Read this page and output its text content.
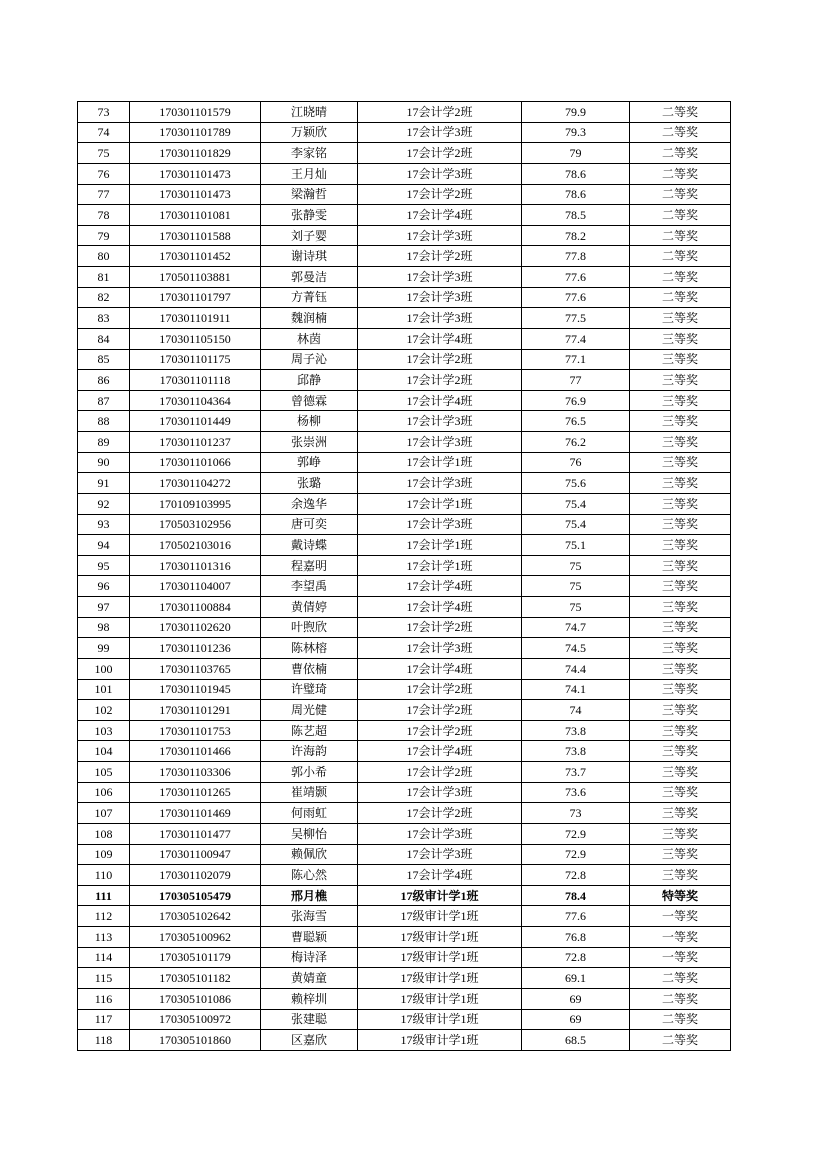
73	170301101579	江晓晴	17会计学2班	79.9	二等奖
74	170301101789	万颖欣	17会计学3班	79.3	二等奖
75	170301101829	李家铭	17会计学2班	79	二等奖
76	170301101473	王月灿	17会计学3班	78.6	二等奖
77	170301101473	梁瀚哲	17会计学2班	78.6	二等奖
78	170301101081	张静雯	17会计学4班	78.5	二等奖
79	170301101588	刘子婴	17会计学3班	78.2	二等奖
80	170301101452	谢诗琪	17会计学2班	77.8	二等奖
81	170501103881	郭曼洁	17会计学3班	77.6	二等奖
82	170301101797	方菁钰	17会计学3班	77.6	二等奖
83	170301101911	魏润楠	17会计学3班	77.5	三等奖
84	170301105150	林茵	17会计学4班	77.4	三等奖
85	170301101175	周子沁	17会计学2班	77.1	三等奖
86	170301101118	邱静	17会计学2班	77	三等奖
87	170301104364	曾德霖	17会计学4班	76.9	三等奖
88	170301101449	杨柳	17会计学3班	76.5	三等奖
89	170301101237	张崇洲	17会计学3班	76.2	三等奖
90	170301101066	郭峥	17会计学1班	76	三等奖
91	170301104272	张璐	17会计学3班	75.6	三等奖
92	170109103995	余逸华	17会计学1班	75.4	三等奖
93	170503102956	唐可奕	17会计学3班	75.4	三等奖
94	170502103016	戴诗蝶	17会计学1班	75.1	三等奖
95	170301101316	程嘉明	17会计学1班	75	三等奖
96	170301104007	李望禹	17会计学4班	75	三等奖
97	170301100884	黄倩婷	17会计学4班	75	三等奖
98	170301102620	叶煦欣	17会计学2班	74.7	三等奖
99	170301101236	陈林榕	17会计学3班	74.5	三等奖
100	170301103765	曹依楠	17会计学4班	74.4	三等奖
101	170301101945	许璧琦	17会计学2班	74.1	三等奖
102	170301101291	周光健	17会计学2班	74	三等奖
103	170301101753	陈艺超	17会计学2班	73.8	三等奖
104	170301101466	许海韵	17会计学4班	73.8	三等奖
105	170301103306	郭小希	17会计学2班	73.7	三等奖
106	170301101265	崔靖颢	17会计学3班	73.6	三等奖
107	170301101469	何雨虹	17会计学2班	73	三等奖
108	170301101477	吴柳怡	17会计学3班	72.9	三等奖
109	170301100947	赖佩欣	17会计学3班	72.9	三等奖
110	170301102079	陈心然	17会计学4班	72.8	三等奖
111	170305105479	邢月樵	17级审计学1班	78.4	特等奖
112	170305102642	张海雪	17级审计学1班	77.6	一等奖
113	170305100962	曹聪颖	17级审计学1班	76.8	一等奖
114	170305101179	梅诗泽	17级审计学1班	72.8	一等奖
115	170305101182	黄婧童	17级审计学1班	69.1	二等奖
116	170305101086	赖梓圳	17级审计学1班	69	二等奖
117	170305100972	张建聪	17级审计学1班	69	二等奖
118	170305101860	区嘉欣	17级审计学1班	68.5	二等奖
